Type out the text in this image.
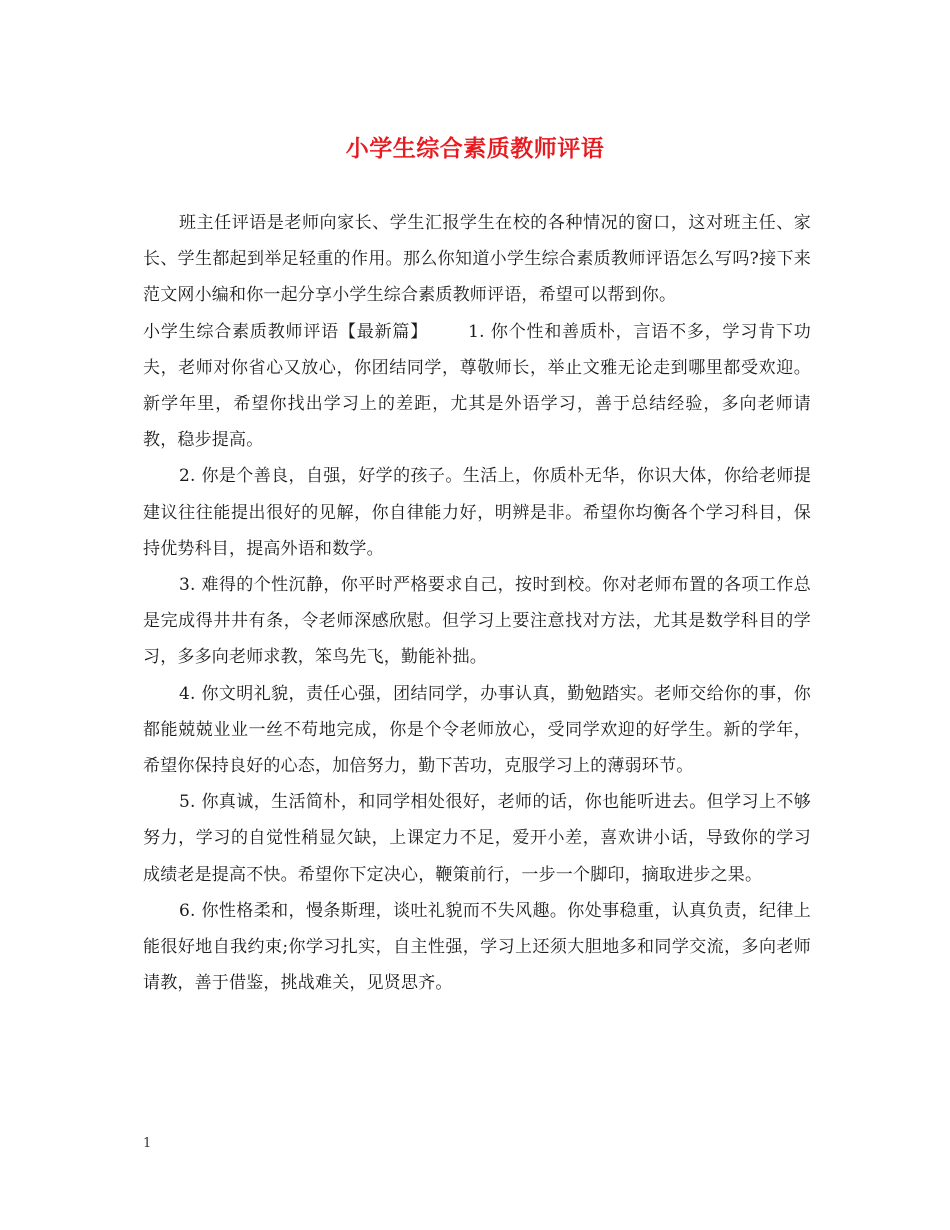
小学生综合素质教师评语

班主任评语是老师向家长、学生汇报学生在校的各种情况的窗口，这对班主任、家长、学生都起到举足轻重的作用。那么你知道小学生综合素质教师评语怎么写吗?接下来范文网小编和你一起分享小学生综合素质教师评语，希望可以帮到你。

小学生综合素质教师评语【最新篇】 1. 你个性和善质朴，言语不多，学习肯下功夫，老师对你省心又放心，你团结同学，尊敬师长，举止文雅无论走到哪里都受欢迎。新学年里，希望你找出学习上的差距，尤其是外语学习，善于总结经验，多向老师请教，稳步提高。

2. 你是个善良，自强，好学的孩子。生活上，你质朴无华，你识大体，你给老师提建议往往能提出很好的见解，你自律能力好，明辨是非。希望你均衡各个学习科目，保持优势科目，提高外语和数学。

3. 难得的个性沉静，你平时严格要求自己，按时到校。你对老师布置的各项工作总是完成得井井有条，令老师深感欣慰。但学习上要注意找对方法，尤其是数学科目的学习，多多向老师求教，笨鸟先飞，勤能补拙。

4. 你文明礼貌，责任心强，团结同学，办事认真，勤勉踏实。老师交给你的事，你都能兢兢业业一丝不苟地完成，你是个令老师放心，受同学欢迎的好学生。新的学年，希望你保持良好的心态，加倍努力，勤下苦功，克服学习上的薄弱环节。

5. 你真诚，生活简朴，和同学相处很好，老师的话，你也能听进去。但学习上不够努力，学习的自觉性稍显欠缺，上课定力不足，爱开小差，喜欢讲小话，导致你的学习成绩老是提高不快。希望你下定决心，鞭策前行，一步一个脚印，摘取进步之果。

6. 你性格柔和，慢条斯理，谈吐礼貌而不失风趣。你处事稳重，认真负责，纪律上能很好地自我约束;你学习扎实，自主性强，学习上还须大胆地多和同学交流，多向老师请教，善于借鉴，挑战难关，见贤思齐。

1
